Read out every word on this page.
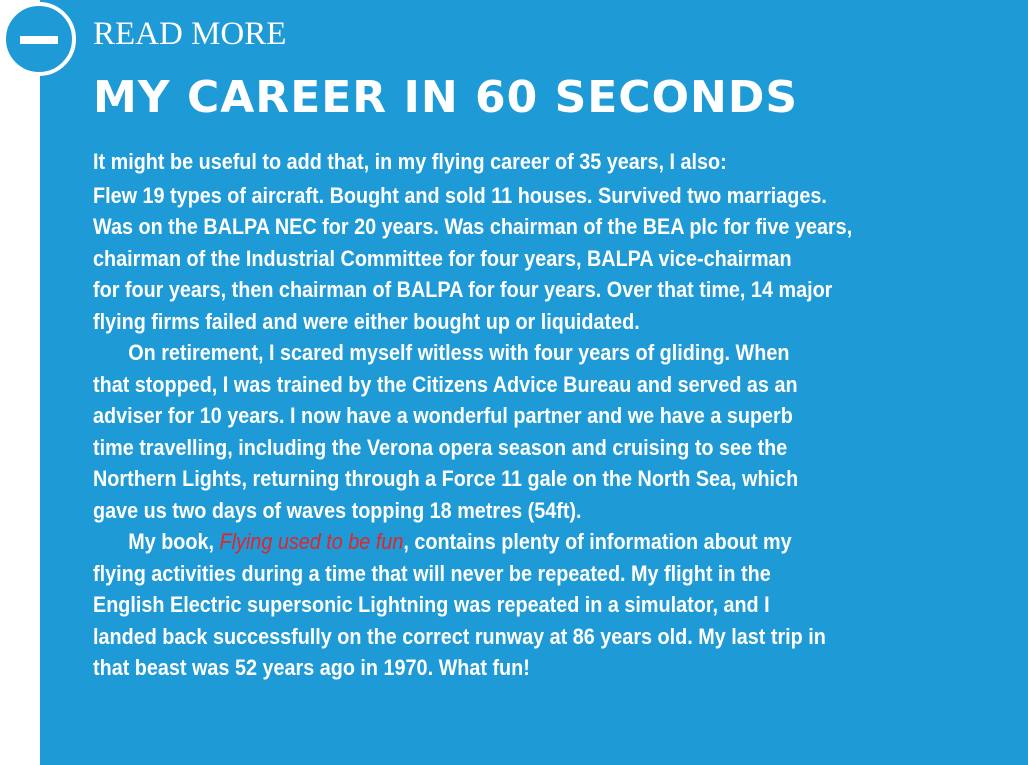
READ MORE
MY CAREER IN 60 SECONDS
It might be useful to add that, in my flying career of 35 years, I also:
Flew 19 types of aircraft. Bought and sold 11 houses. Survived two marriages.
Was on the BALPA NEC for 20 years. Was chairman of the BEA plc for five years,
chairman of the Industrial Committee for four years, BALPA vice-chairman
for four years, then chairman of BALPA for four years. Over that time, 14 major
flying firms failed and were either bought up or liquidated.
On retirement, I scared myself witless with four years of gliding. When
that stopped, I was trained by the Citizens Advice Bureau and served as an
adviser for 10 years. I now have a wonderful partner and we have a superb
time travelling, including the Verona opera season and cruising to see the
Northern Lights, returning through a Force 11 gale on the North Sea, which
gave us two days of waves topping 18 metres (54ft).
My book, Flying used to be fun, contains plenty of information about my
flying activities during a time that will never be repeated. My flight in the
English Electric supersonic Lightning was repeated in a simulator, and I
landed back successfully on the correct runway at 86 years old. My last trip in
that beast was 52 years ago in 1970. What fun!
